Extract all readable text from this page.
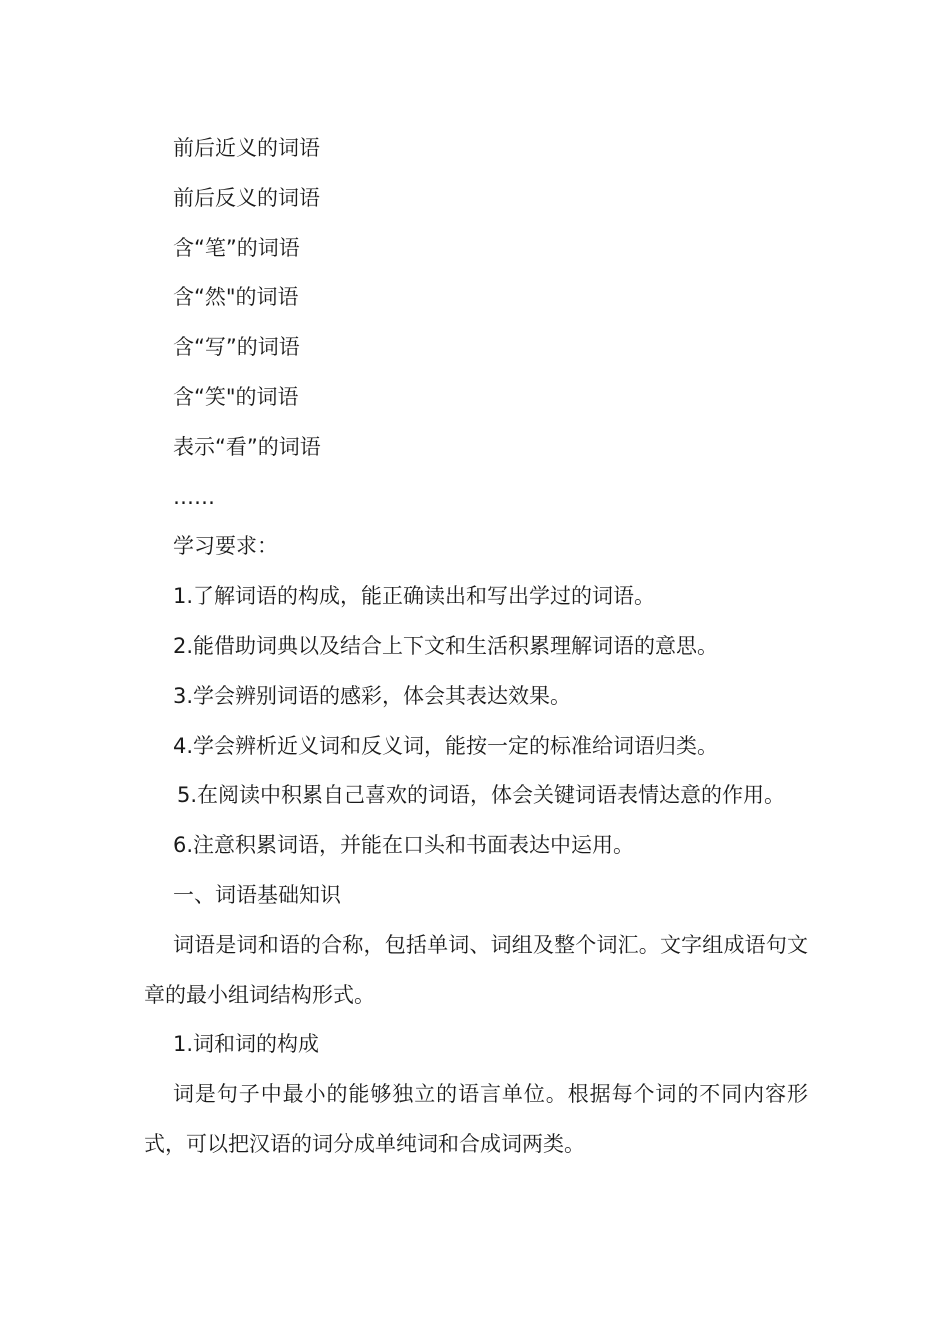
前后近义的词语
前后反义的词语
含“笔”的词语
含“然"的词语
含“写”的词语
含“笑"的词语
表示“看”的词语
……
学习要求：
1.了解词语的构成，能正确读出和写出学过的词语。
2.能借助词典以及结合上下文和生活积累理解词语的意思。
3.学会辨别词语的感彩，体会其表达效果。
4.学会辨析近义词和反义词，能按一定的标准给词语归类。
5.在阅读中积累自己喜欢的词语，体会关键词语表情达意的作用。
6.注意积累词语，并能在口头和书面表达中运用。
一、词语基础知识
词语是词和语的合称，包括单词、词组及整个词汇。文字组成语句文章的最小组词结构形式。
1.词和词的构成
词是句子中最小的能够独立的语言单位。根据每个词的不同内容形式，可以把汉语的词分成单纯词和合成词两类。
